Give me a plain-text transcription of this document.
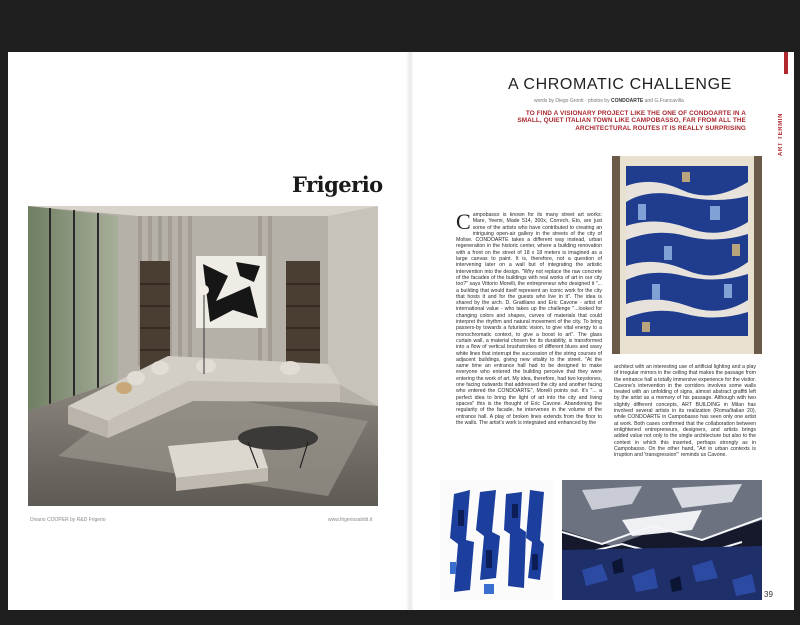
Frigerio
Divano COOPER by R&D Frigerio	www.frigeriosalotti.it
ART TERMIN
A CHROMATIC CHALLENGE
words by Diego Gronti · photos by CONDOARTE and G.Francavilla
TO FIND A VISIONARY PROJECT LIKE THE ONE OF CONDOARTE IN A SMALL, QUIET ITALIAN TOWN LIKE CAMPOBASSO, FAR FROM ALL THE ARCHITECTURAL ROUTES IT IS REALLY SURPRISING
Campobasso is known for its many street art works: Mare, Yeemi, Made 514, 300x, Correch, Eto, are just some of the artists who have contributed to creating an intriguing open-air gallery in the streets of the city of Molise. CONDOARTE takes a different way instead, urban regeneration in the historic center, where a building renovation with a front on the street of 18 x 18 meters is imagined as a large canvas to paint. It is, therefore, not a question of intervening later on a wall but of integrating the artistic intervention into the design. "Why not replace the raw concrete of the facades of the buildings with real works of art in our city too?" says Vittorio Morelli, the entrepreneur who designed it "... a building that would itself represent an iconic work for the city that hosts it and for the guests who live in it". The idea is shared by the arch. D. Gratiliano and Eric Cavone - artist of international value - who takes up the challenge "...looked for changing colors and shapes, curves of materials that could interpret the rhythm and natural movement of the city. To bring passers-by towards a futuristic vision, to give vital energy to a monochromatic context, to give a boost to art". The glass curtain wall, a material chosen for its durability, is transformed into a flow of vertical brushstrokes of different blues and wavy white lines that interrupt the succession of the string courses of adjacent buildings, giving new vitality to the street. "At the same time an entrance hall had to be designed to make everyone who entered the building perceive that they were entering the work of art. My idea, therefore, had two keystones, one facing outwards that addressed the city and another facing who entered the CONDOARTE", Morelli points out. It's "... a perfect idea to bring the light of art into the city and living spaces" this is the thought of Eric Cavone. Abandoning the regularity of the facade, he intervenes in the volume of the entrance hall. A play of broken lines extends from the floor to the walls. The artist's work is integrated and enhanced by the
architect with an interesting use of artificial lighting and a play of irregular mirrors in the ceiling that makes the passage from the entrance hall a totally immersive experience for the visitor. Cavone's intervention in the corridors involves some walls treated with an unfolding of signs, almost abstract graffiti left by the artist as a memory of his passage. Although with two slightly different concepts, ART BUILDING in Milan has involved several artists in its realization (Roma/Italian 20), while CONDOARTE in Campobasso has seen only one artist at work. Both cases confirmed that the collaboration between enlightened entrepreneurs, designers, and artists brings added value not only to the single architecture but also to the context in which this inserted, perhaps strongly as in Campobasso. On the other hand, "Art in urban contexts is irruption and 'transgression'" reminds us Cavone.
39
